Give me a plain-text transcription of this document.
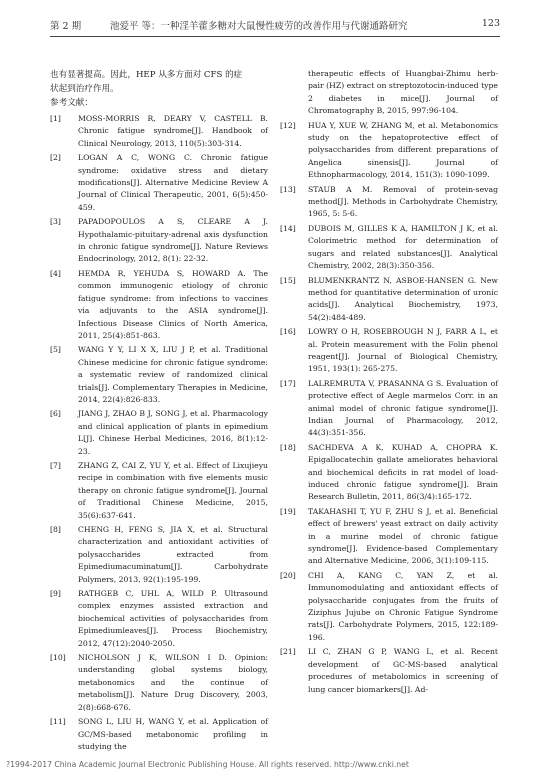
第 2 期	池爱平 等：一种淫羊藿多糖对大鼠慢性疲劳的改善作用与代谢通路研究	123

也有显著提高。因此，HEP 从多方面对 CFS 的症
状起到治疗作用。

参考文献：

[1]	MOSS-MORRIS R, DEARY V, CASTELL B. Chronic fatigue syndrome[J]. Handbook of Clinical Neurology, 2013, 110(5):303-314.
[2]	LOGAN A C, WONG C. Chronic fatigue syndrome: oxidative stress and dietary modifications[J]. Alternative Medicine Review A Journal of Clinical Therapeutic, 2001, 6(5):450-459.
[3]	PAPADOPOULOS A S, CLEARE A J. Hypothalamic-pituitary-adrenal axis dysfunction in chronic fatigue syndrome[J]. Nature Reviews Endocrinology, 2012, 8(1): 22-32.
[4]	HEMDA R, YEHUDA S, HOWARD A. The common immunogenic etiology of chronic fatigue syndrome: from infections to vaccines via adjuvants to the ASIA syndrome[J]. Infectious Disease Clinics of North America, 2011, 25(4):851-863.
[5]	WANG Y Y, LI X X, LIU J P, et al. Traditional Chinese medicine for chronic fatigue syndrome: a systematic review of randomized clinical trials[J]. Complementary Therapies in Medicine, 2014, 22(4):826-833.
[6]	JIANG J, ZHAO B J, SONG J, et al. Pharmacology and clinical application of plants in epimedium L[J]. Chinese Herbal Medicines, 2016, 8(1):12-23.
[7]	ZHANG Z, CAI Z, YU Y, et al. Effect of Lixujieyu recipe in combination with five elements music therapy on chronic fatigue syndrome[J]. Journal of Traditional Chinese Medicine, 2015, 35(6):637-641.
[8]	CHENG H, FENG S, JIA X, et al. Structural characterization and antioxidant activities of polysaccharides extracted from Epimediumacuminatum[J]. Carbohydrate Polymers, 2013, 92(1):195-199.
[9]	RATHGEB C, UHL A, WILD P. Ultrasound complex enzymes assisted extraction and biochemical activities of polysaccharides from Epimediumleaves[J]. Process Biochemistry, 2012, 47(12):2040-2050.
[10]	NICHOLSON J K, WILSON I D. Opinion: understanding global systems biology, metabonomics and the continue of metabolism[J]. Nature Drug Discovery, 2003, 2(8):668-676.
[11]	SONG L, LIU H, WANG Y, et al. Application of GC/MS-based metabonomic profiling in studying the
therapeutic effects of Huangbai-Zhimu herb-pair (HZ) extract on streptozotocin-induced type 2 diabetes in mice[J]. Journal of Chromatography B, 2015, 997:96-104.
[12]	HUA Y, XUE W, ZHANG M, et al. Metabonomics study on the hepatoprotective effect of polysaccharides from different preparations of Angelica sinensis[J]. Journal of Ethnopharmacology, 2014, 151(3): 1090-1099.
[13]	STAUB A M. Removal of protein-sevag method[J]. Methods in Carbohydrate Chemistry, 1965, 5: 5-6.
[14]	DUBOIS M, GILLES K A, HAMILTON J K, et al. Colorimetric method for determination of sugars and related substances[J]. Analytical Chemistry, 2002, 28(3):350-356.
[15]	BLUMENKRANTZ N, ASBOE-HANSEN G. New method for quantitative determination of uronic acids[J]. Analytical Biochemistry, 1973, 54(2):484-489.
[16]	LOWRY O H, ROSEBROUGH N J, FARR A L, et al. Protein measurement with the Folin phenol reagent[J]. Journal of Biological Chemistry, 1951, 193(1): 265-275.
[17]	LALREMRUTA V, PRASANNA G S. Evaluation of protective effect of Aegle marmelos Corr. in an animal model of chronic fatigue syndrome[J]. Indian Journal of Pharmacology, 2012, 44(3):351-356.
[18]	SACHDEVA A K, KUHAD A, CHOPRA K. Epigallocatechin gallate ameliorates behavioral and biochemical deficits in rat model of load-induced chronic fatigue syndrome[J]. Brain Research Bulletin, 2011, 86(3/4):165-172.
[19]	TAKAHASHI T, YU F, ZHU S J, et al. Beneficial effect of brewers' yeast extract on daily activity in a murine model of chronic fatigue syndrome[J]. Evidence-based Complementary and Alternative Medicine, 2006, 3(1):109-115.
[20]	CHI A, KANG C, YAN Z, et al. Immunomodulating and antioxidant effects of polysaccharide conjugates from the fruits of Ziziphus Jujube on Chronic Fatigue Syndrome rats[J]. Carbohydrate Polymers, 2015, 122:189-196.
[21]	LI C, ZHAN G P, WANG L, et al. Recent development of GC-MS-based analytical procedures of metabolomics in screening of lung cancer biomarkers[J]. Ad-
?1994-2017 China Academic Journal Electronic Publishing House. All rights reserved. http://www.cnki.net
